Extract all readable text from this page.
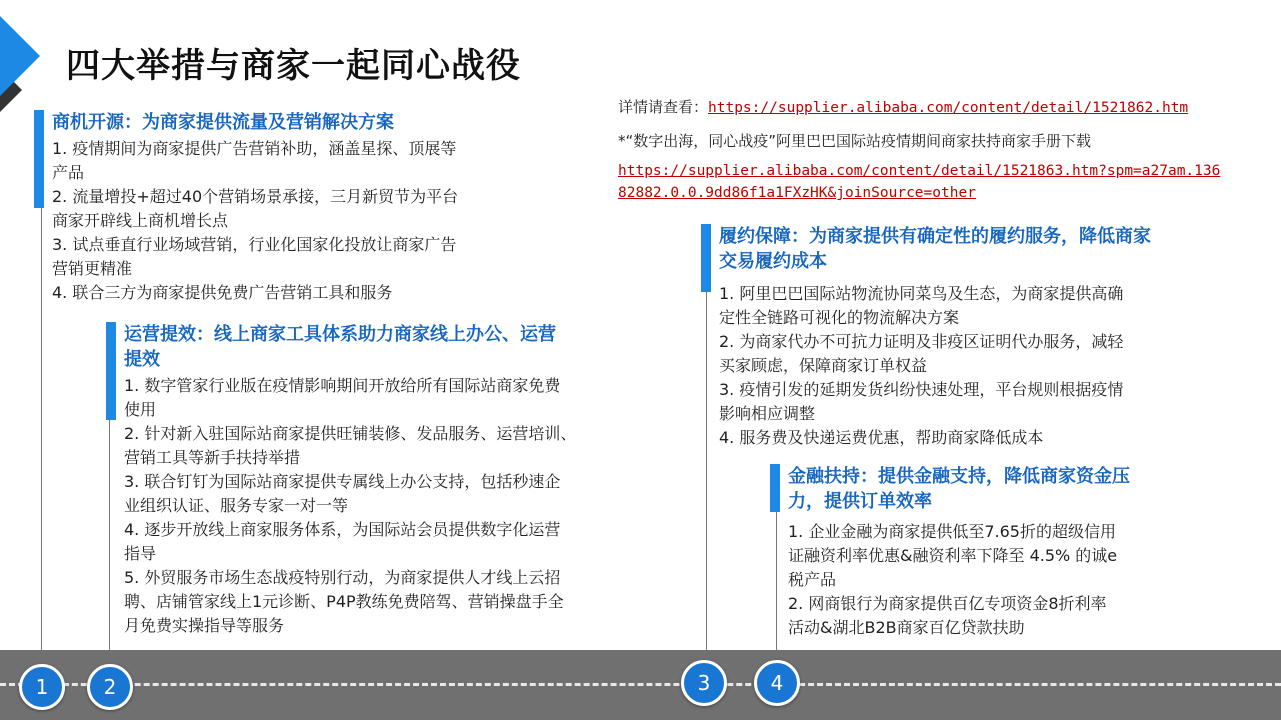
四大举措与商家一起同心战役
详情请查看：https://supplier.alibaba.com/content/detail/1521862.htm
*“数字出海，同心战疫”阿里巴巴国际站疫情期间商家扶持商家手册下载
https://supplier.alibaba.com/content/detail/1521863.htm?spm=a27am.136
82882.0.0.9dd86f1a1FXzHK&joinSource=other
商机开源：为商家提供流量及营销解决方案
1. 疫情期间为商家提供广告营销补助，涵盖星探、顶展等
产品
2. 流量增投+超过40个营销场景承接，三月新贸节为平台
商家开辟线上商机增长点
3. 试点垂直行业场域营销，行业化国家化投放让商家广告
营销更精准
4. 联合三方为商家提供免费广告营销工具和服务
运营提效：线上商家工具体系助力商家线上办公、运营
提效
1. 数字管家行业版在疫情影响期间开放给所有国际站商家免费
使用
2. 针对新入驻国际站商家提供旺铺装修、发品服务、运营培训、
营销工具等新手扶持举措
3. 联合钉钉为国际站商家提供专属线上办公支持，包括秒速企
业组织认证、服务专家一对一等
4. 逐步开放线上商家服务体系，为国际站会员提供数字化运营
指导
5. 外贸服务市场生态战疫特别行动，为商家提供人才线上云招
聘、店铺管家线上1元诊断、P4P教练免费陪驾、营销操盘手全
月免费实操指导等服务
履约保障：为商家提供有确定性的履约服务，降低商家
交易履约成本
1. 阿里巴巴国际站物流协同菜鸟及生态，为商家提供高确
定性全链路可视化的物流解决方案
2. 为商家代办不可抗力证明及非疫区证明代办服务，减轻
买家顾虑，保障商家订单权益
3. 疫情引发的延期发货纠纷快速处理，平台规则根据疫情
影响相应调整
4. 服务费及快递运费优惠，帮助商家降低成本
金融扶持：提供金融支持，降低商家资金压
力，提供订单效率
1. 企业金融为商家提供低至7.65折的超级信用
证融资利率优惠&融资利率下降至 4.5% 的诚e
税产品
2. 网商银行为商家提供百亿专项资金8折利率
活动&湖北B2B商家百亿贷款扶助
1	2	3	4
